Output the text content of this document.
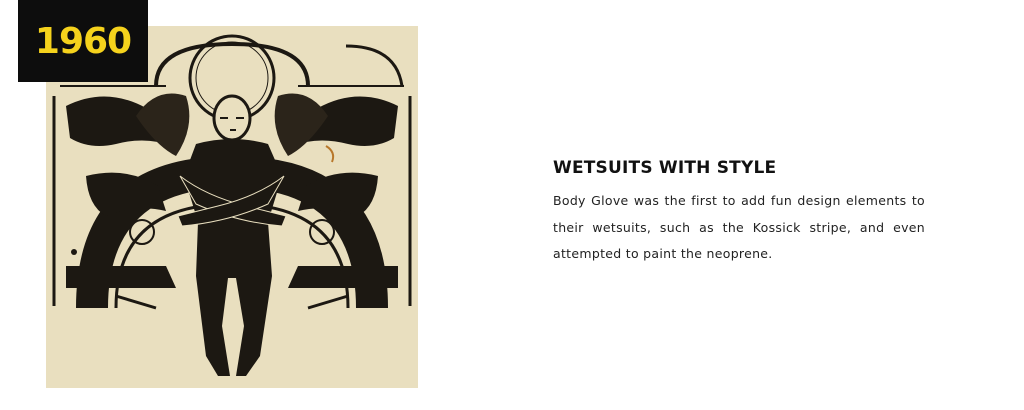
1960
WETSUITS WITH STYLE

Body Glove was the first to add fun design elements to their wetsuits, such as the Kossick stripe, and even attempted to paint the neoprene.
